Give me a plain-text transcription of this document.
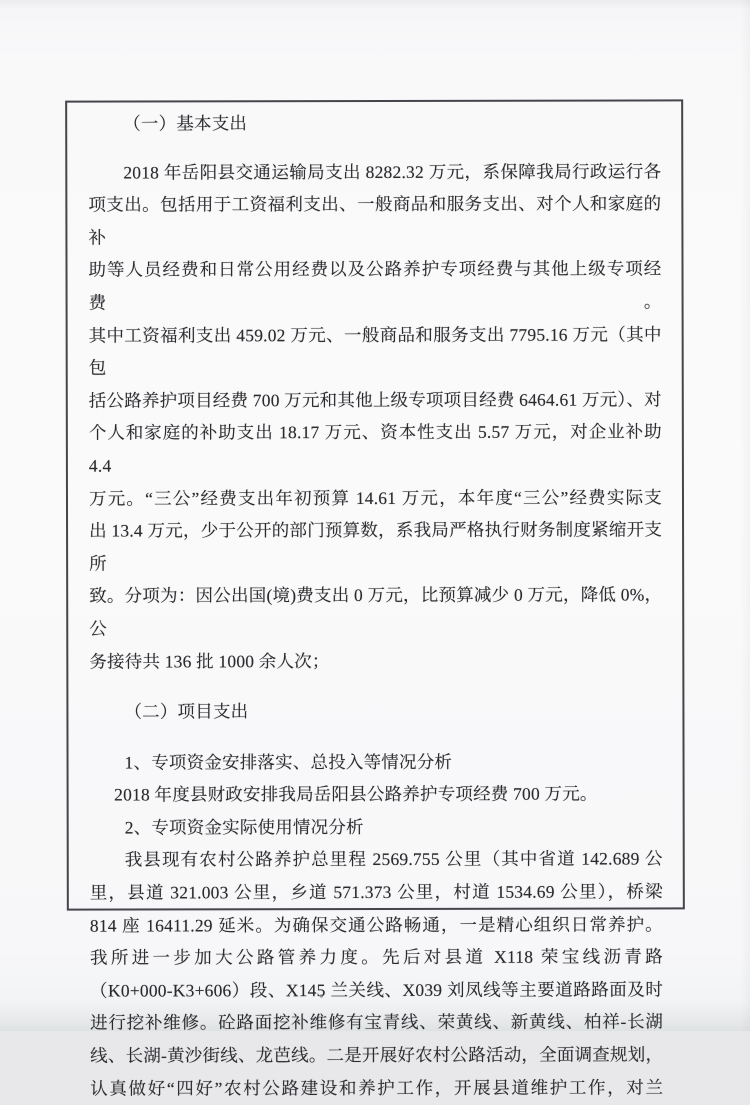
（一）基本支出
2018 年岳阳县交通运输局支出 8282.32 万元，系保障我局行政运行各
项支出。包括用于工资福利支出、一般商品和服务支出、对个人和家庭的补
助等人员经费和日常公用经费以及公路养护专项经费与其他上级专项经费。
其中工资福利支出 459.02 万元、一般商品和服务支出 7795.16 万元（其中包
括公路养护项目经费 700 万元和其他上级专项项目经费 6464.61 万元）、对
个人和家庭的补助支出 18.17 万元、资本性支出 5.57 万元，对企业补助 4.4
万元。“三公”经费支出年初预算 14.61 万元，本年度“三公”经费实际支
出 13.4 万元，少于公开的部门预算数，系我局严格执行财务制度紧缩开支所
致。分项为：因公出国(境)费支出 0 万元，比预算减少 0 万元，降低 0%，公
务接待共 136 批 1000 余人次；
（二）项目支出
1、专项资金安排落实、总投入等情况分析
2018 年度县财政安排我局岳阳县公路养护专项经费 700 万元。
2、专项资金实际使用情况分析
我县现有农村公路养护总里程 2569.755 公里（其中省道 142.689 公
里，县道 321.003 公里，乡道 571.373 公里，村道 1534.69 公里），桥梁
814 座 16411.29 延米。为确保交通公路畅通，一是精心组织日常养护。
我所进一步加大公路管养力度。先后对县道 X118 荣宝线沥青路
（K0+000-K3+606）段、X145 兰关线、X039 刘凤线等主要道路路面及时
进行挖补维修。砼路面挖补维修有宝青线、荣黄线、新黄线、柏祥-长湖
线、长湖-黄沙街线、龙芭线。二是开展好农村公路活动，全面调查规划，
认真做好“四好”农村公路建设和养护工作，开展县道维护工作，对兰
